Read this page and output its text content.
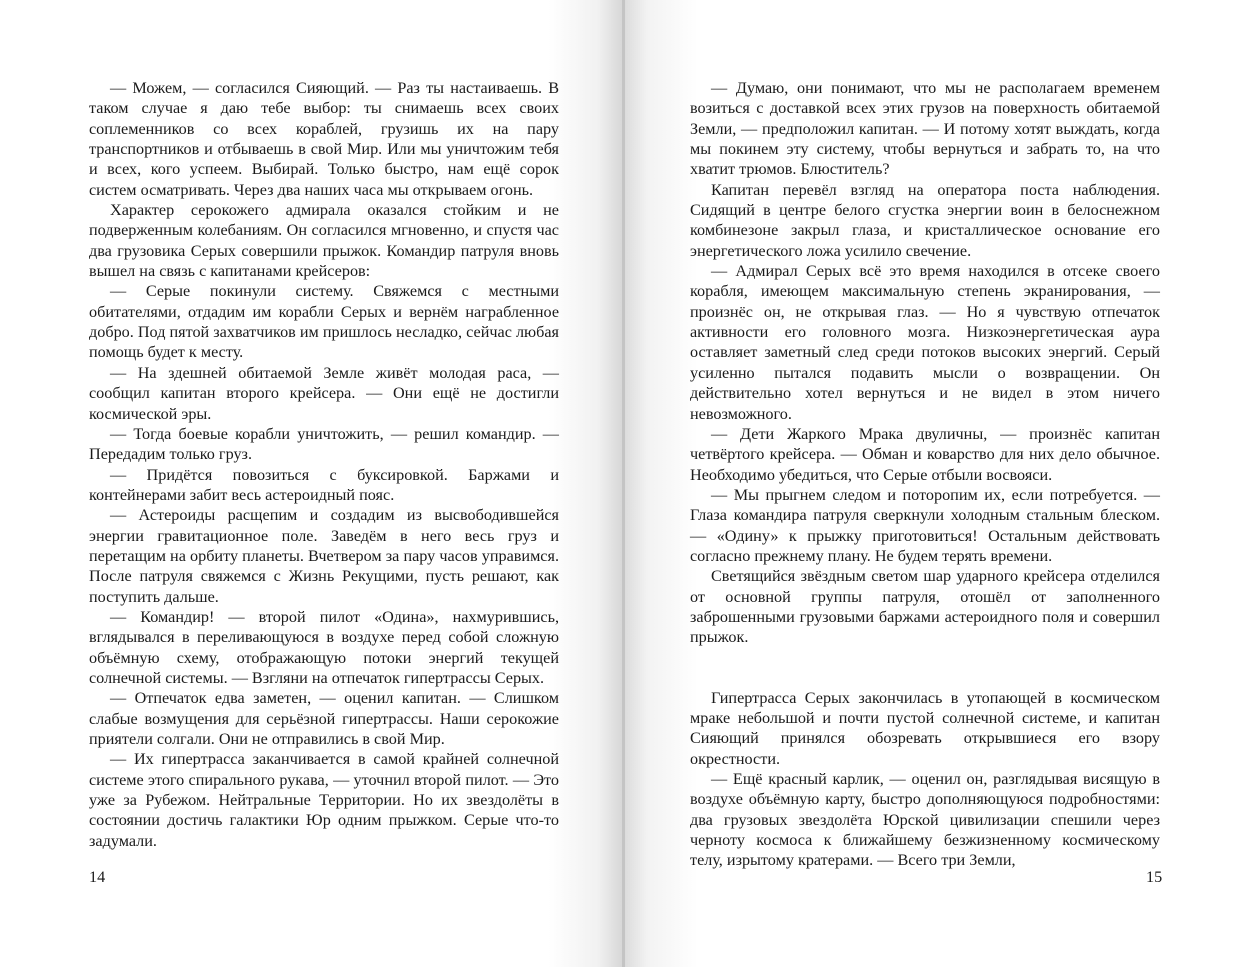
— Можем, — согласился Сияющий. — Раз ты настаиваешь. В таком случае я даю тебе выбор: ты снимаешь всех своих соплеменников со всех кораблей, грузишь их на пару транспортников и отбываешь в свой Мир. Или мы уничтожим тебя и всех, кого успеем. Выбирай. Только быстро, нам ещё сорок систем осматривать. Через два наших часа мы открываем огонь.

Характер серокожего адмирала оказался стойким и не подверженным колебаниям. Он согласился мгновенно, и спустя час два грузовика Серых совершили прыжок. Командир патруля вновь вышел на связь с капитанами крейсеров:

— Серые покинули систему. Свяжемся с местными обитателями, отдадим им корабли Серых и вернём награбленное добро. Под пятой захватчиков им пришлось несладко, сейчас любая помощь будет к месту.

— На здешней обитаемой Земле живёт молодая раса, — сообщил капитан второго крейсера. — Они ещё не достигли космической эры.

— Тогда боевые корабли уничтожить, — решил командир. — Передадим только груз.

— Придётся повозиться с буксировкой. Баржами и контейнерами забит весь астероидный пояс.

— Астероиды расщепим и создадим из высвободившейся энергии гравитационное поле. Заведём в него весь груз и перетащим на орбиту планеты. Вчетвером за пару часов управимся. После патруля свяжемся с Жизнь Рекущими, пусть решают, как поступить дальше.

— Командир! — второй пилот «Одина», нахмурившись, вглядывался в переливающуюся в воздухе перед собой сложную объёмную схему, отображающую потоки энергий текущей солнечной системы. — Взгляни на отпечаток гипертрассы Серых.

— Отпечаток едва заметен, — оценил капитан. — Слишком слабые возмущения для серьёзной гипертрассы. Наши серокожие приятели солгали. Они не отправились в свой Мир.

— Их гипертрасса заканчивается в самой крайней солнечной системе этого спирального рукава, — уточнил второй пилот. — Это уже за Рубежом. Нейтральные Территории. Но их звездолёты в состоянии достичь галактики Юр одним прыжком. Серые что-то задумали.

14

— Думаю, они понимают, что мы не располагаем временем возиться с доставкой всех этих грузов на поверхность обитаемой Земли, — предположил капитан. — И потому хотят выждать, когда мы покинем эту систему, чтобы вернуться и забрать то, на что хватит трюмов. Блюститель?

Капитан перевёл взгляд на оператора поста наблюдения. Сидящий в центре белого сгустка энергии воин в белоснежном комбинезоне закрыл глаза, и кристаллическое основание его энергетического ложа усилило свечение.

— Адмирал Серых всё это время находился в отсеке своего корабля, имеющем максимальную степень экранирования, — произнёс он, не открывая глаз. — Но я чувствую отпечаток активности его головного мозга. Низкоэнергетическая аура оставляет заметный след среди потоков высоких энергий. Серый усиленно пытался подавить мысли о возвращении. Он действительно хотел вернуться и не видел в этом ничего невозможного.

— Дети Жаркого Мрака двуличны, — произнёс капитан четвёртого крейсера. — Обман и коварство для них дело обычное. Необходимо убедиться, что Серые отбыли восвояси.

— Мы прыгнем следом и поторопим их, если потребуется. — Глаза командира патруля сверкнули холодным стальным блеском. — «Одину» к прыжку приготовиться! Остальным действовать согласно прежнему плану. Не будем терять времени.

Светящийся звёздным светом шар ударного крейсера отделился от основной группы патруля, отошёл от заполненного заброшенными грузовыми баржами астероидного поля и совершил прыжок.

Гипертрасса Серых закончилась в утопающей в космическом мраке небольшой и почти пустой солнечной системе, и капитан Сияющий принялся обозревать открывшиеся его взору окрестности.

— Ещё красный карлик, — оценил он, разглядывая висящую в воздухе объёмную карту, быстро дополняющуюся подробностями: два грузовых звездолёта Юрской цивилизации спешили через черноту космоса к ближайшему безжизненному космическому телу, изрытому кратерами. — Всего три Земли,

15
